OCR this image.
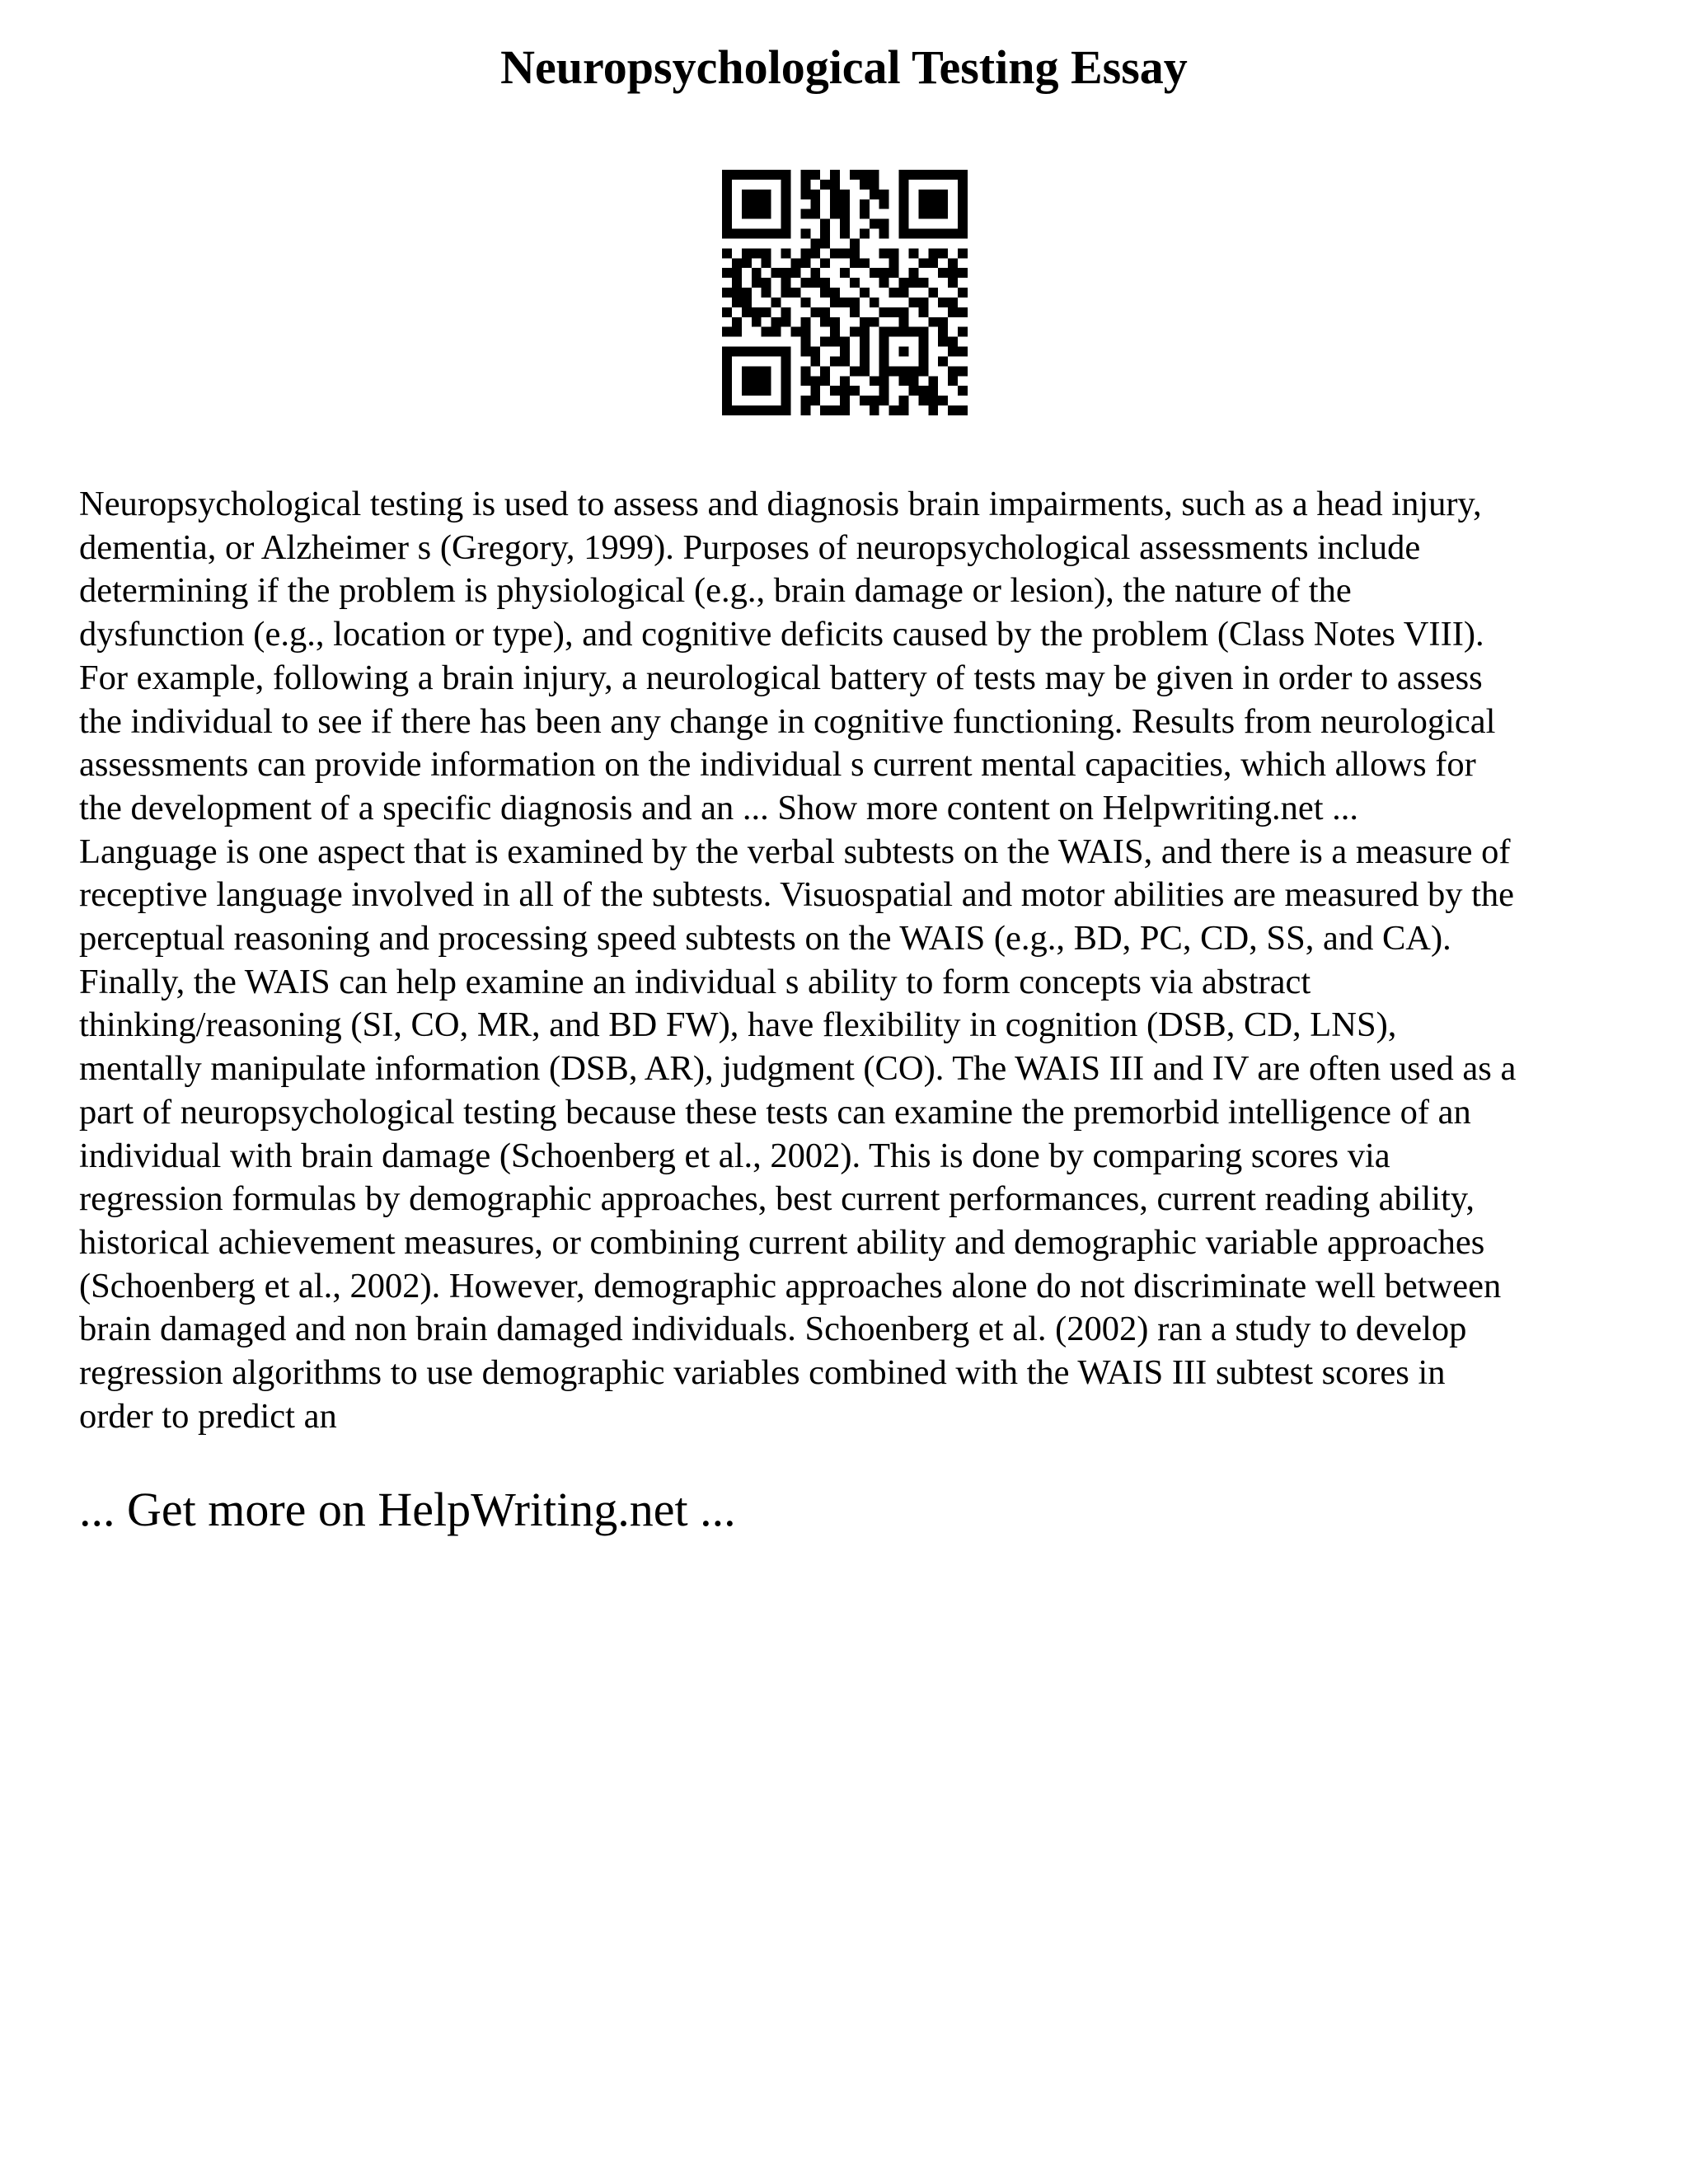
Neuropsychological Testing Essay
Neuropsychological testing is used to assess and diagnosis brain impairments, such as a head injury,
dementia, or Alzheimer s (Gregory, 1999). Purposes of neuropsychological assessments include
determining if the problem is physiological (e.g., brain damage or lesion), the nature of the
dysfunction (e.g., location or type), and cognitive deficits caused by the problem (Class Notes VIII).
For example, following a brain injury, a neurological battery of tests may be given in order to assess
the individual to see if there has been any change in cognitive functioning. Results from neurological
assessments can provide information on the individual s current mental capacities, which allows for
the development of a specific diagnosis and an ... Show more content on Helpwriting.net ...
Language is one aspect that is examined by the verbal subtests on the WAIS, and there is a measure of
receptive language involved in all of the subtests. Visuospatial and motor abilities are measured by the
perceptual reasoning and processing speed subtests on the WAIS (e.g., BD, PC, CD, SS, and CA).
Finally, the WAIS can help examine an individual s ability to form concepts via abstract
thinking/reasoning (SI, CO, MR, and BD FW), have flexibility in cognition (DSB, CD, LNS),
mentally manipulate information (DSB, AR), judgment (CO). The WAIS III and IV are often used as a
part of neuropsychological testing because these tests can examine the premorbid intelligence of an
individual with brain damage (Schoenberg et al., 2002). This is done by comparing scores via
regression formulas by demographic approaches, best current performances, current reading ability,
historical achievement measures, or combining current ability and demographic variable approaches
(Schoenberg et al., 2002). However, demographic approaches alone do not discriminate well between
brain damaged and non brain damaged individuals. Schoenberg et al. (2002) ran a study to develop
regression algorithms to use demographic variables combined with the WAIS III subtest scores in
order to predict an

... Get more on HelpWriting.net ...
